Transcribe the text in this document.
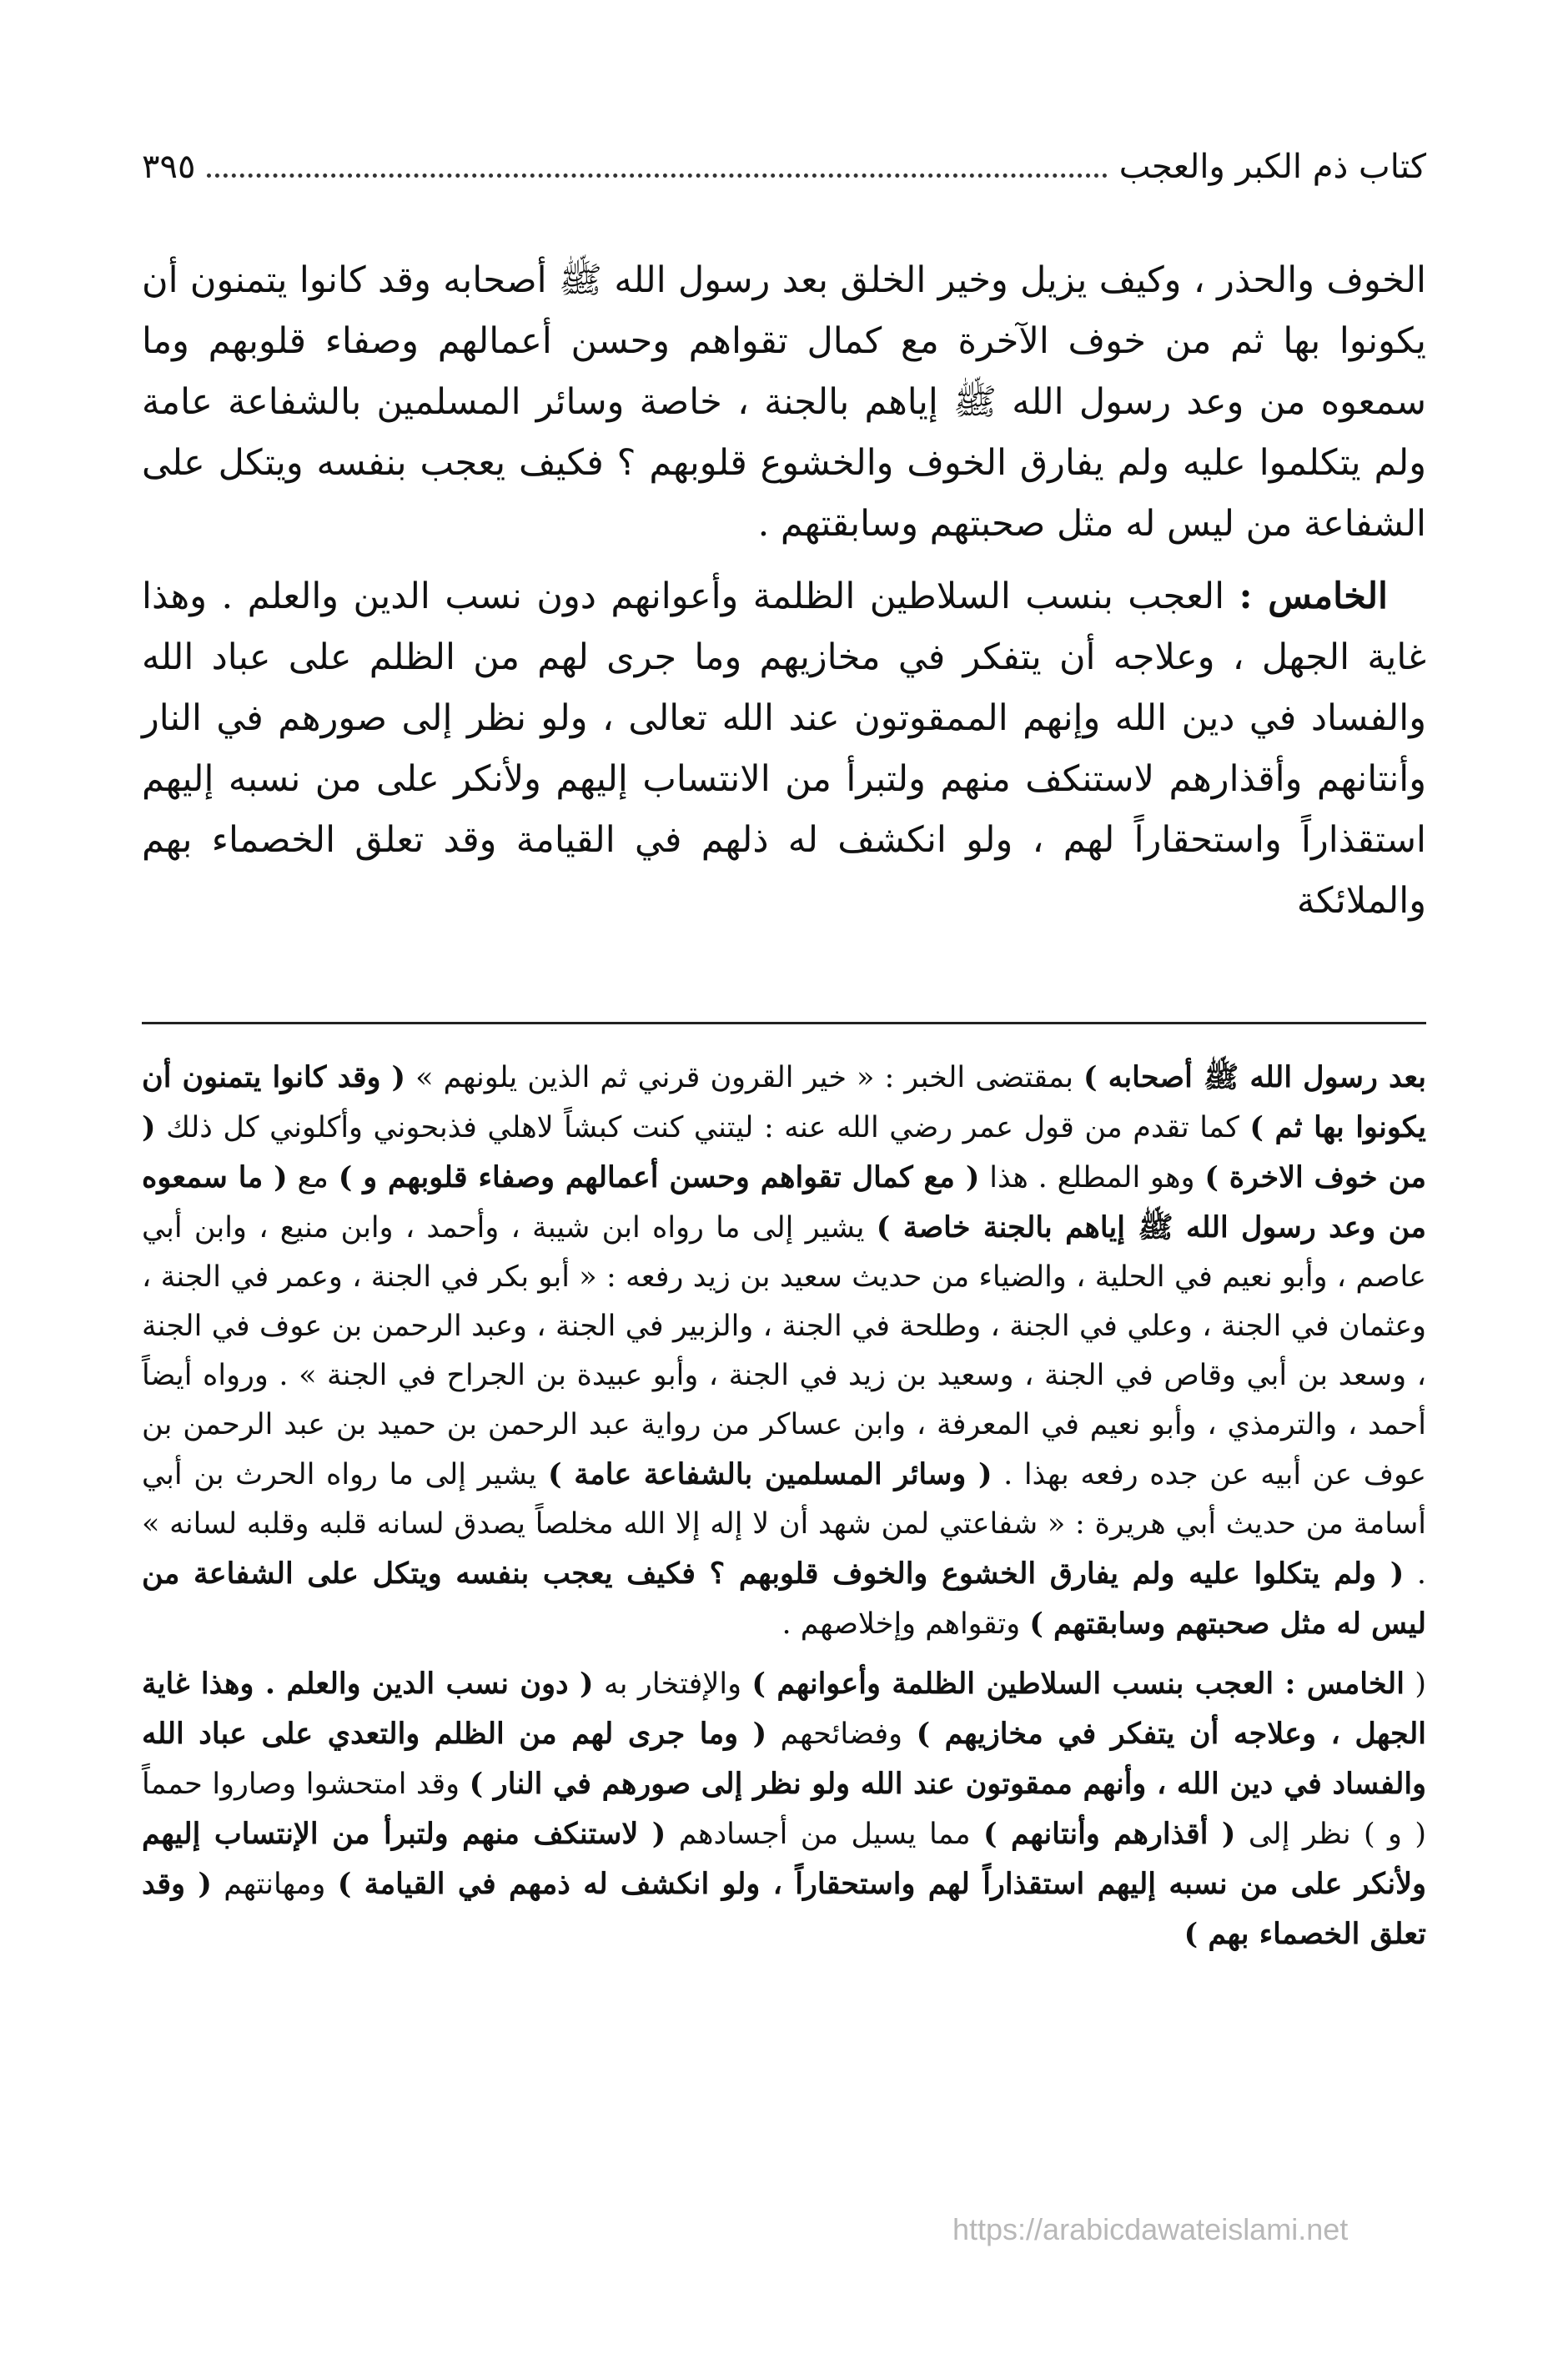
كتاب ذم الكبر والعجب
٣٩٥

الخوف والحذر ، وكيف يزيل وخير الخلق بعد رسول الله ﷺ أصحابه وقد كانوا يتمنون أن يكونوا بها ثم من خوف الآخرة مع كمال تقواهم وحسن أعمالهم وصفاء قلوبهم وما سمعوه من وعد رسول الله ﷺ إياهم بالجنة ، خاصة وسائر المسلمين بالشفاعة عامة ولم يتكلموا عليه ولم يفارق الخوف والخشوع قلوبهم ؟ فكيف يعجب بنفسه ويتكل على الشفاعة من ليس له مثل صحبتهم وسابقتهم .

الخامس : العجب بنسب السلاطين الظلمة وأعوانهم دون نسب الدين والعلم . وهذا غاية الجهل ، وعلاجه أن يتفكر في مخازيهم وما جرى لهم من الظلم على عباد الله والفساد في دين الله وإنهم الممقوتون عند الله تعالى ، ولو نظر إلى صورهم في النار وأنتانهم وأقذارهم لاستنكف منهم ولتبرأ من الانتساب إليهم ولأنكر على من نسبه إليهم استقذاراً واستحقاراً لهم ، ولو انكشف له ذلهم في القيامة وقد تعلق الخصماء بهم والملائكة

بعد رسول الله ﷺ أصحابه ) بمقتضى الخبر : « خير القرون قرني ثم الذين يلونهم » ( وقد كانوا يتمنون أن يكونوا بها ثم ) كما تقدم من قول عمر رضي الله عنه : ليتني كنت كبشاً لاهلي فذبحوني وأكلوني كل ذلك ( من خوف الاخرة ) وهو المطلع . هذا ( مع كمال تقواهم وحسن أعمالهم وصفاء قلوبهم و ) مع ( ما سمعوه من وعد رسول الله ﷺ إياهم بالجنة خاصة ) يشير إلى ما رواه ابن شيبة ، وأحمد ، وابن منيع ، وابن أبي عاصم ، وأبو نعيم في الحلية ، والضياء من حديث سعيد بن زيد رفعه : « أبو بكر في الجنة ، وعمر في الجنة ، وعثمان في الجنة ، وعلي في الجنة ، وطلحة في الجنة ، والزبير في الجنة ، وعبد الرحمن بن عوف في الجنة ، وسعد بن أبي وقاص في الجنة ، وسعيد بن زيد في الجنة ، وأبو عبيدة بن الجراح في الجنة » . ورواه أيضاً أحمد ، والترمذي ، وأبو نعيم في المعرفة ، وابن عساكر من رواية عبد الرحمن بن حميد بن عبد الرحمن بن عوف عن أبيه عن جده رفعه بهذا . ( وسائر المسلمين بالشفاعة عامة ) يشير إلى ما رواه الحرث بن أبي أسامة من حديث أبي هريرة : « شفاعتي لمن شهد أن لا إله إلا الله مخلصاً يصدق لسانه قلبه وقلبه لسانه » . ( ولم يتكلوا عليه ولم يفارق الخشوع والخوف قلوبهم ؟ فكيف يعجب بنفسه ويتكل على الشفاعة من ليس له مثل صحبتهم وسابقتهم ) وتقواهم وإخلاصهم .

( الخامس : العجب بنسب السلاطين الظلمة وأعوانهم ) والإفتخار به ( دون نسب الدين والعلم . وهذا غاية الجهل ، وعلاجه أن يتفكر في مخازيهم ) وفضائحهم ( وما جرى لهم من الظلم والتعدي على عباد الله والفساد في دين الله ، وأنهم ممقوتون عند الله ولو نظر إلى صورهم في النار ) وقد امتحشوا وصاروا حمماً ( و ) نظر إلى ( أقذارهم وأنتانهم ) مما يسيل من أجسادهم ( لاستنكف منهم ولتبرأ من الإنتساب إليهم ولأنكر على من نسبه إليهم استقذاراً لهم واستحقاراً ، ولو انكشف له ذمهم في القيامة ) ومهانتهم ( وقد تعلق الخصماء بهم )

https://arabicdawateislami.net
